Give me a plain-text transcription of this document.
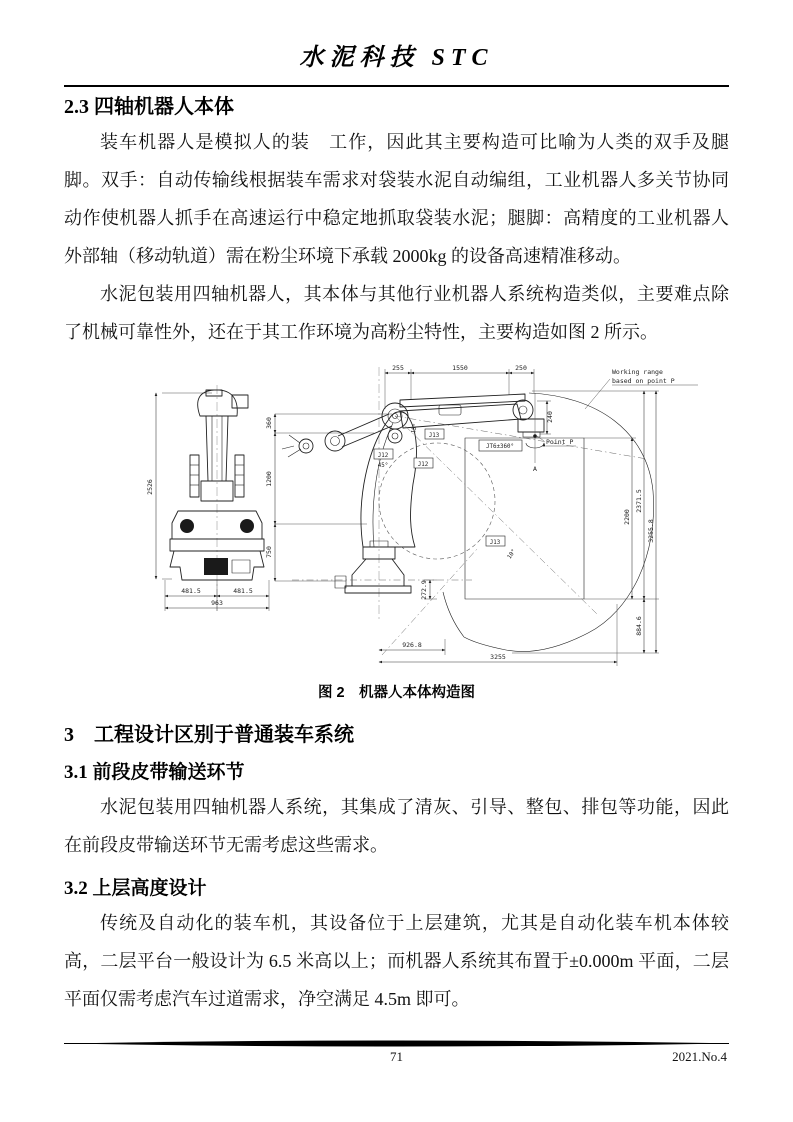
水泥科技 STC
2.3 四轴机器人本体

装车机器人是模拟人的装　工作，因此其主要构造可比喻为人类的双手及腿脚。双手：自动传输线根据装车需求对袋装水泥自动编组，工业机器人多关节协同动作使机器人抓手在高速运行中稳定地抓取袋装水泥；腿脚：高精度的工业机器人外部轴（移动轨道）需在粉尘环境下承载 2000kg 的设备高速精准移动。

水泥包装用四轴机器人，其本体与其他行业机器人系统构造类似，主要难点除了机械可靠性外，还在于其工作环境为高粉尘特性，主要构造如图 2 所示。

2526
481.5	481.5
963
255	1550	250
360
1200
750
A
JT6±360°
Point P
240
J13
J12
45°	J12
15°
J13
10°
2200
2371.5
3255.8
884.6
272.9
926.8
3255
Working range
based on point P
图 2　机器人本体构造图
3　工程设计区别于普通装车系统
3.1 前段皮带输送环节

水泥包装用四轴机器人系统，其集成了清灰、引导、整包、排包等功能，因此在前段皮带输送环节无需考虑这些需求。

3.2 上层高度设计

传统及自动化的装车机，其设备位于上层建筑，尤其是自动化装车机本体较高，二层平台一般设计为 6.5 米高以上；而机器人系统其布置于±0.000m 平面，二层平面仅需考虑汽车过道需求，净空满足 4.5m 即可。

71	2021.No.4
